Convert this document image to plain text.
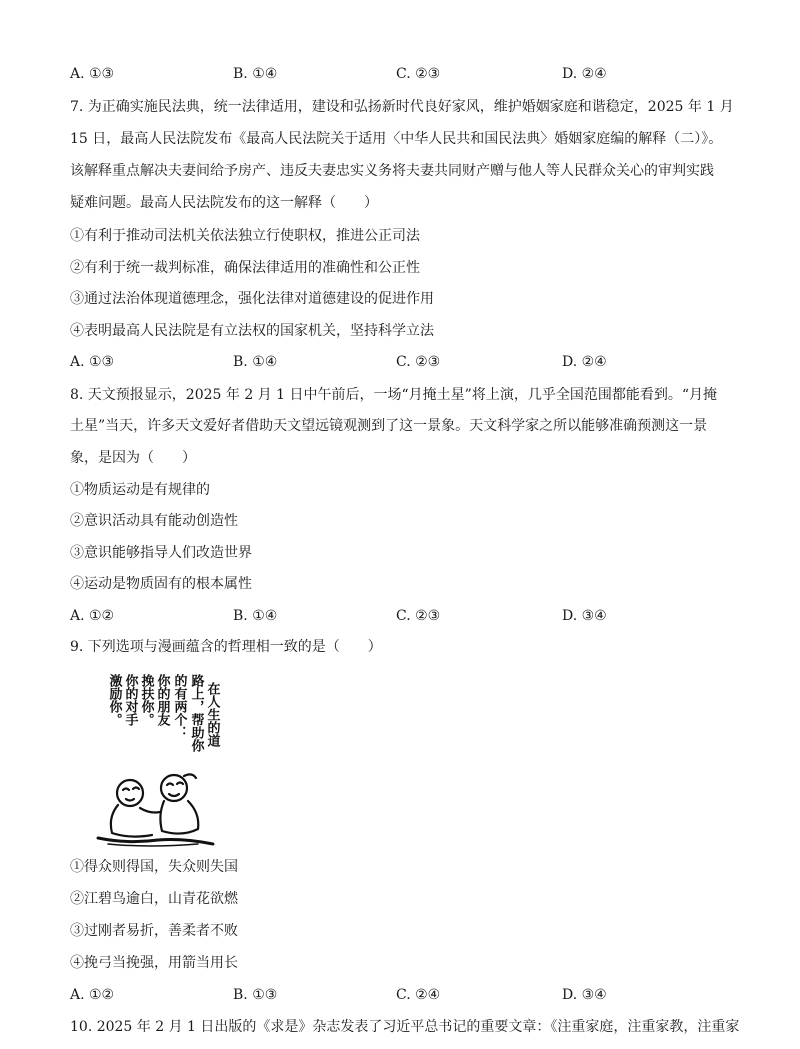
A. ①③	B. ①④	C. ②③	D. ②④
7. 为正确实施民法典，统一法律适用，建设和弘扬新时代良好家风，维护婚姻家庭和谐稳定，2025 年 1 月
15 日，最高人民法院发布《最高人民法院关于适用〈中华人民共和国民法典〉婚姻家庭编的解释（二）》。
该解释重点解决夫妻间给予房产、违反夫妻忠实义务将夫妻共同财产赠与他人等人民群众关心的审判实践
疑难问题。最高人民法院发布的这一解释（　　）
①有利于推动司法机关依法独立行使职权，推进公正司法
②有利于统一裁判标准，确保法律适用的准确性和公正性
③通过法治体现道德理念，强化法律对道德建设的促进作用
④表明最高人民法院是有立法权的国家机关，坚持科学立法
A. ①③	B. ①④	C. ②③	D. ②④
8. 天文预报显示，2025 年 2 月 1 日中午前后，一场“月掩土星”将上演，几乎全国范围都能看到。“月掩
土星”当天，许多天文爱好者借助天文望远镜观测到了这一景象。天文科学家之所以能够准确预测这一景
象，是因为（　　）
①物质运动是有规律的
②意识活动具有能动创造性
③意识能够指导人们改造世界
④运动是物质固有的根本属性
A. ①②	B. ①④	C. ②③	D. ③④
9. 下列选项与漫画蕴含的哲理相一致的是（　　）
在人生的道
路上，帮助你
的有两个：
你的朋友
挽扶你。
你的对手
激励你。
①得众则得国，失众则失国
②江碧鸟逾白，山青花欲燃
③过刚者易折，善柔者不败
④挽弓当挽强，用箭当用长
A. ①②	B. ①③	C. ②④	D. ③④
10. 2025 年 2 月 1 日出版的《求是》杂志发表了习近平总书记的重要文章：《注重家庭，注重家教，注重家
